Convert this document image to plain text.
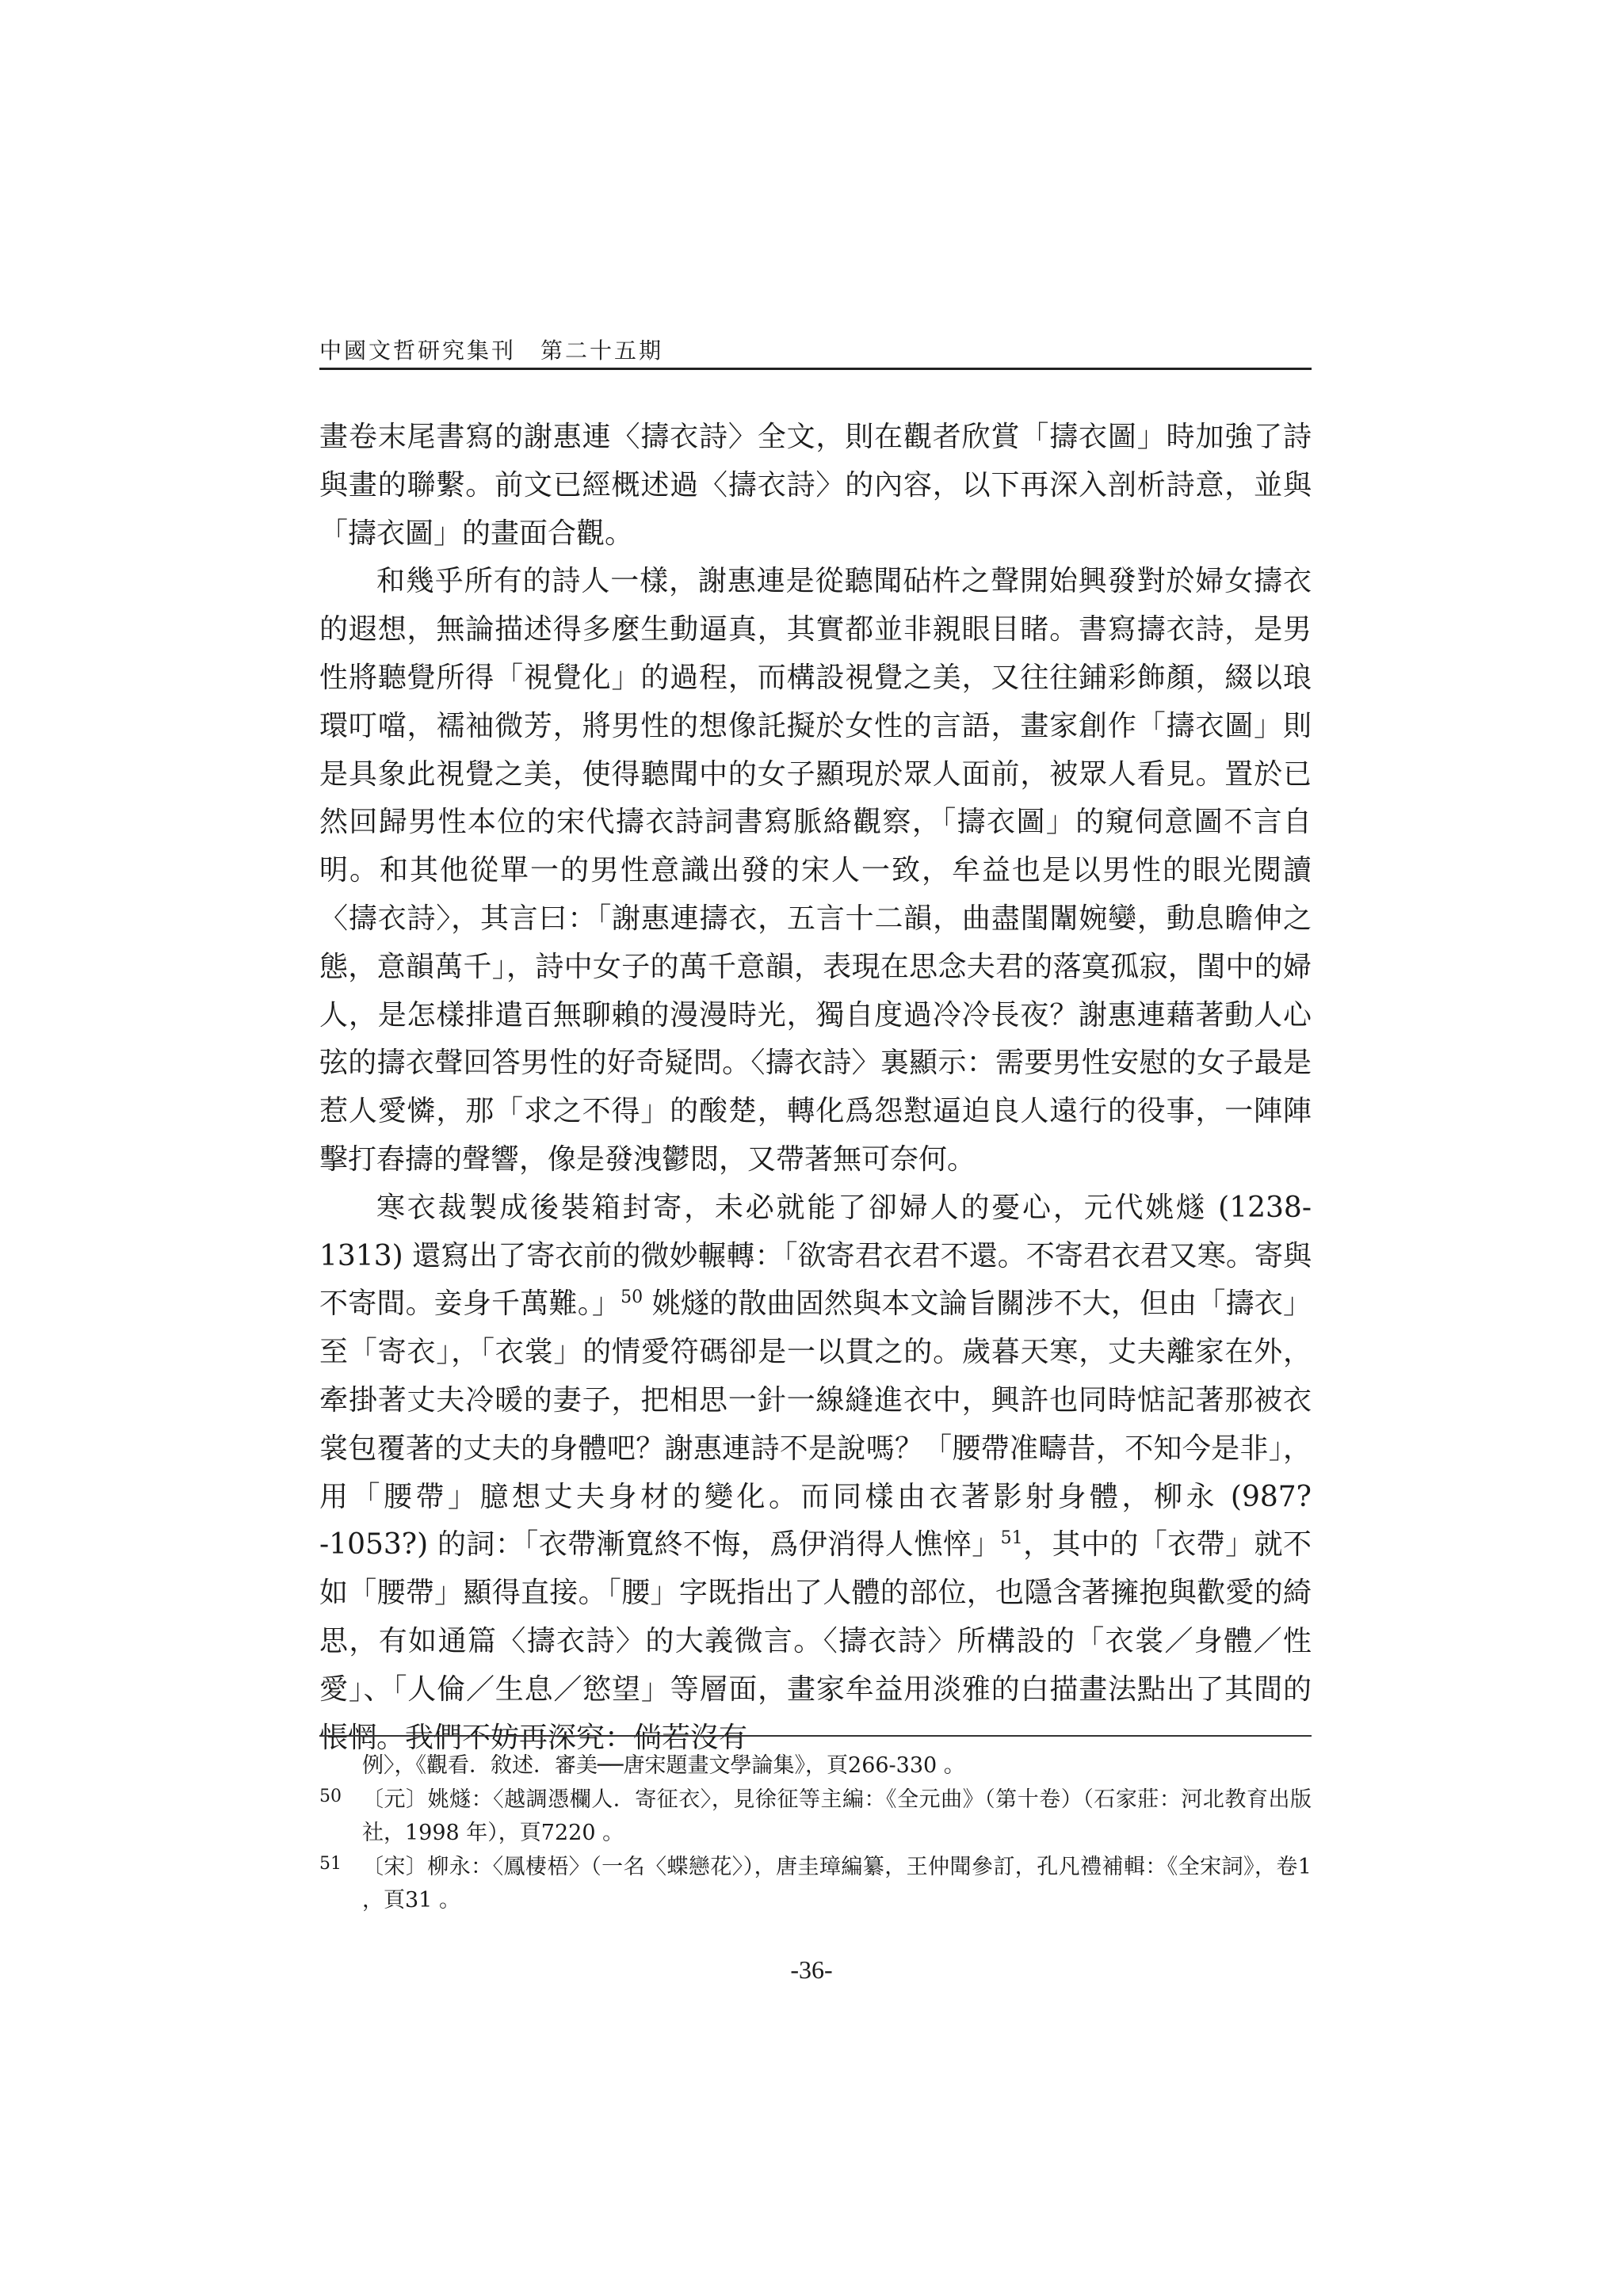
中國文哲研究集刊　第二十五期

畫卷末尾書寫的謝惠連〈擣衣詩〉全文，則在觀者欣賞「擣衣圖」時加強了詩與畫的聯繫。前文已經概述過〈擣衣詩〉的內容，以下再深入剖析詩意，並與「擣衣圖」的畫面合觀。

和幾乎所有的詩人一樣，謝惠連是從聽聞砧杵之聲開始興發對於婦女擣衣的遐想，無論描述得多麼生動逼真，其實都並非親眼目睹。書寫擣衣詩，是男性將聽覺所得「視覺化」的過程，而構設視覺之美，又往往鋪彩飾顏，綴以琅環叮噹，襦袖微芳，將男性的想像託擬於女性的言語，畫家創作「擣衣圖」則是具象此視覺之美，使得聽聞中的女子顯現於眾人面前，被眾人看見。置於已然回歸男性本位的宋代擣衣詩詞書寫脈絡觀察，「擣衣圖」的窺伺意圖不言自明。和其他從單一的男性意識出發的宋人一致，牟益也是以男性的眼光閱讀〈擣衣詩〉，其言曰：「謝惠連擣衣，五言十二韻，曲盡閨闈婉孌，動息瞻伸之態，意韻萬千」，詩中女子的萬千意韻，表現在思念夫君的落寞孤寂，閨中的婦人，是怎樣排遣百無聊賴的漫漫時光，獨自度過冷冷長夜？謝惠連藉著動人心弦的擣衣聲回答男性的好奇疑問。〈擣衣詩〉裏顯示：需要男性安慰的女子最是惹人愛憐，那「求之不得」的酸楚，轉化爲怨懟逼迫良人遠行的役事，一陣陣擊打舂擣的聲響，像是發洩鬱悶，又帶著無可奈何。

寒衣裁製成後裝箱封寄，未必就能了卻婦人的憂心，元代姚燧 (1238-1313) 還寫出了寄衣前的微妙輾轉：「欲寄君衣君不還。不寄君衣君又寒。寄與不寄間。妾身千萬難。」$^{50}$ 姚燧的散曲固然與本文論旨關涉不大，但由「擣衣」至「寄衣」，「衣裳」的情愛符碼卻是一以貫之的。歲暮天寒，丈夫離家在外，牽掛著丈夫冷暖的妻子，把相思一針一線縫進衣中，興許也同時惦記著那被衣裳包覆著的丈夫的身體吧？謝惠連詩不是說嗎？「腰帶准疇昔，不知今是非」，用「腰帶」臆想丈夫身材的變化。而同樣由衣著影射身體，柳永 (987?-1053?) 的詞：「衣帶漸寬終不悔，爲伊消得人憔悴」$^{51}$，其中的「衣帶」就不如「腰帶」顯得直接。「腰」字既指出了人體的部位，也隱含著擁抱與歡愛的綺思，有如通篇〈擣衣詩〉的大義微言。〈擣衣詩〉所構設的「衣裳／身體／性愛」、「人倫／生息／慾望」等層面，畫家牟益用淡雅的白描畫法點出了其間的悵惘。我們不妨再深究：倘若沒有

例〉，《觀看．敘述．審美──唐宋題畫文學論集》，頁266-330 。
50 〔元〕姚燧：〈越調憑欄人．寄征衣〉，見徐征等主編：《全元曲》（第十卷）（石家莊：河北教育出版社，1998 年），頁7220 。
51 〔宋〕柳永：〈鳳棲梧〉（一名〈蝶戀花〉），唐圭璋編纂，王仲聞參訂，孔凡禮補輯：《全宋詞》，卷1 ，頁31 。
-36-
